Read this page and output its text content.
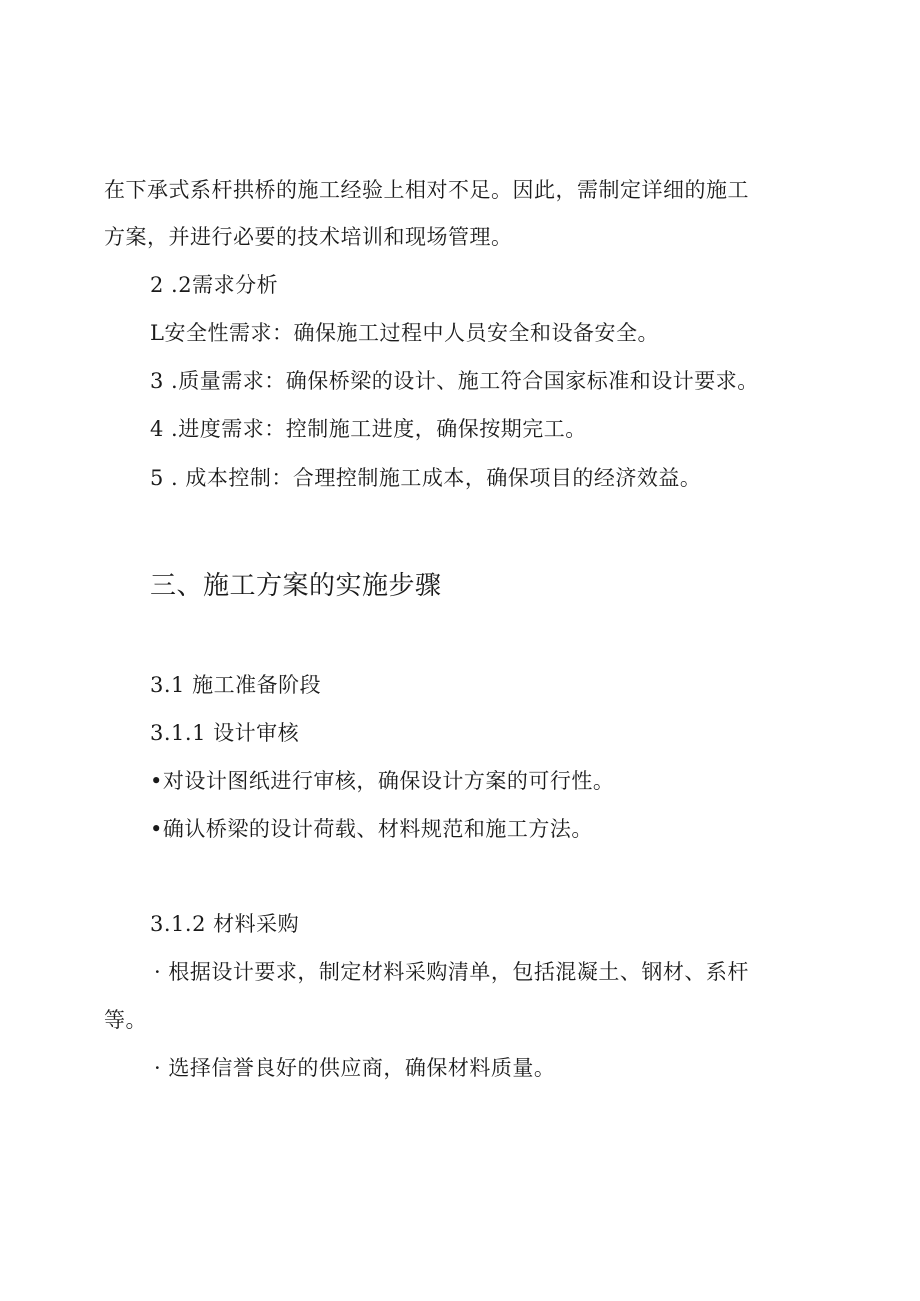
在下承式系杆拱桥的施工经验上相对不足。因此，需制定详细的施工
方案，并进行必要的技术培训和现场管理。
2 .2需求分析
L安全性需求：确保施工过程中人员安全和设备安全。
3 .质量需求：确保桥梁的设计、施工符合国家标准和设计要求。
4 .进度需求：控制施工进度，确保按期完工。
5 . 成本控制：合理控制施工成本，确保项目的经济效益。
三、施工方案的实施步骤
3.1 施工准备阶段
3.1.1 设计审核
•对设计图纸进行审核，确保设计方案的可行性。
•确认桥梁的设计荷载、材料规范和施工方法。
3.1.2 材料采购
· 根据设计要求，制定材料采购清单，包括混凝土、钢材、系杆
等。
· 选择信誉良好的供应商，确保材料质量。
